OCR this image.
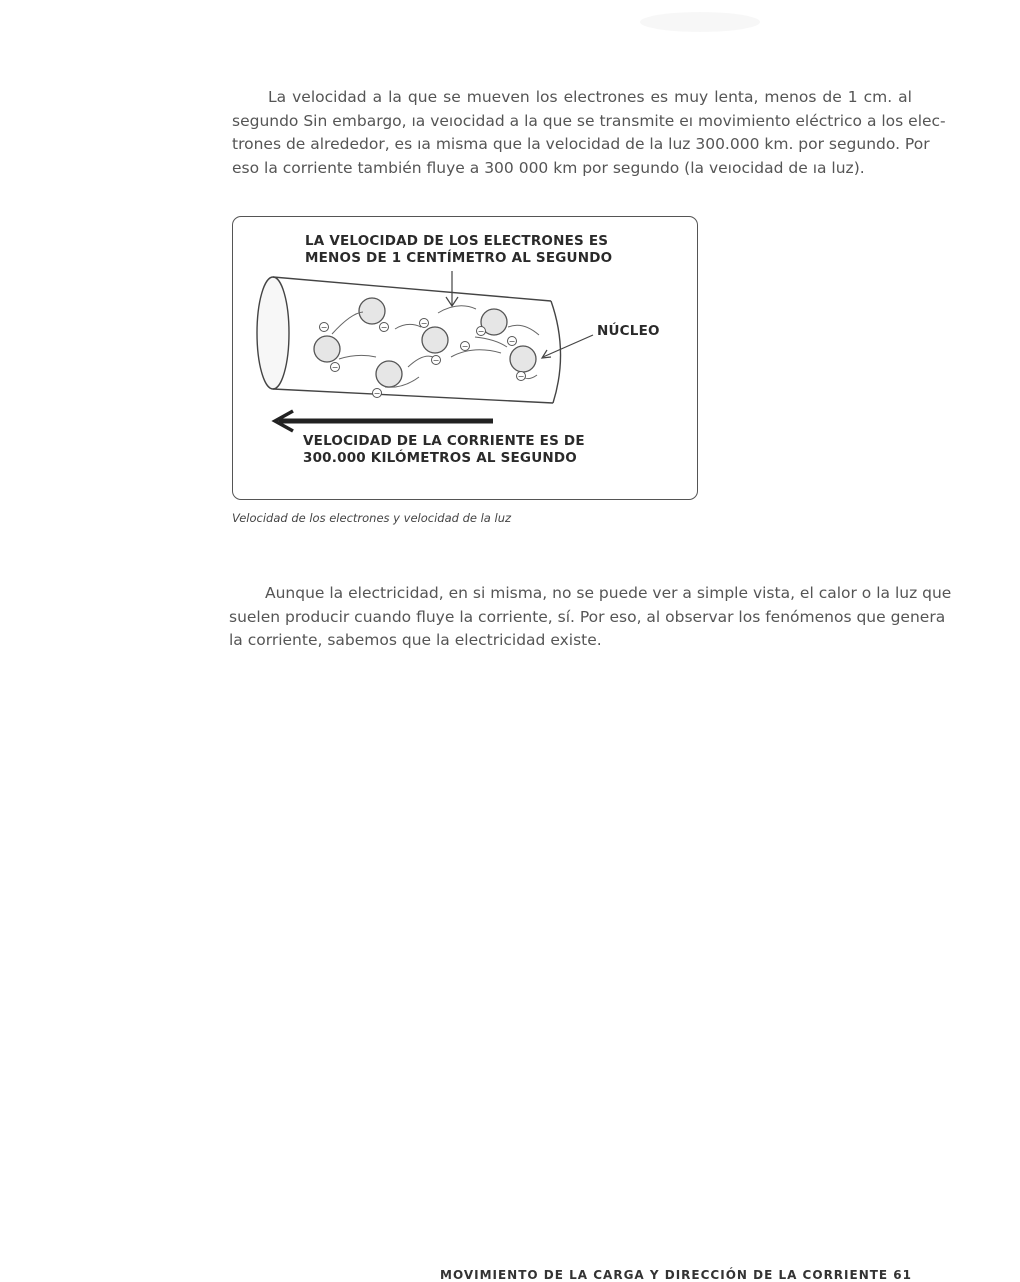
La velocidad a la que se mueven los electrones es muy lenta, menos de 1 cm. al
segundo Sin embargo, ıa veıocidad a la que se transmite eı movimiento eléctrico a los elec-
trones de alrededor, es ıa misma que la velocidad de la luz 300.000 km. por segundo. Por
eso la corriente también fluye a 300 000 km por segundo (la veıocidad de ıa luz).
−	−	−
−
−
−
−
−
−
−
LA VELOCIDAD DE LOS ELECTRONES ES
MENOS DE 1 CENTÍMETRO AL SEGUNDO
NÚCLEO
VELOCIDAD DE LA CORRIENTE ES DE
300.000 KILÓMETROS AL SEGUNDO
Velocidad de los electrones y velocidad de la luz
Aunque la electricidad, en si misma, no se puede ver a simple vista, el calor o la luz que
suelen producir cuando fluye la corriente, sí. Por eso, al observar los fenómenos que genera
la corriente, sabemos que la electricidad existe.
MOVIMIENTO DE LA CARGA Y DIRECCIÓN DE LA CORRIENTE 61
